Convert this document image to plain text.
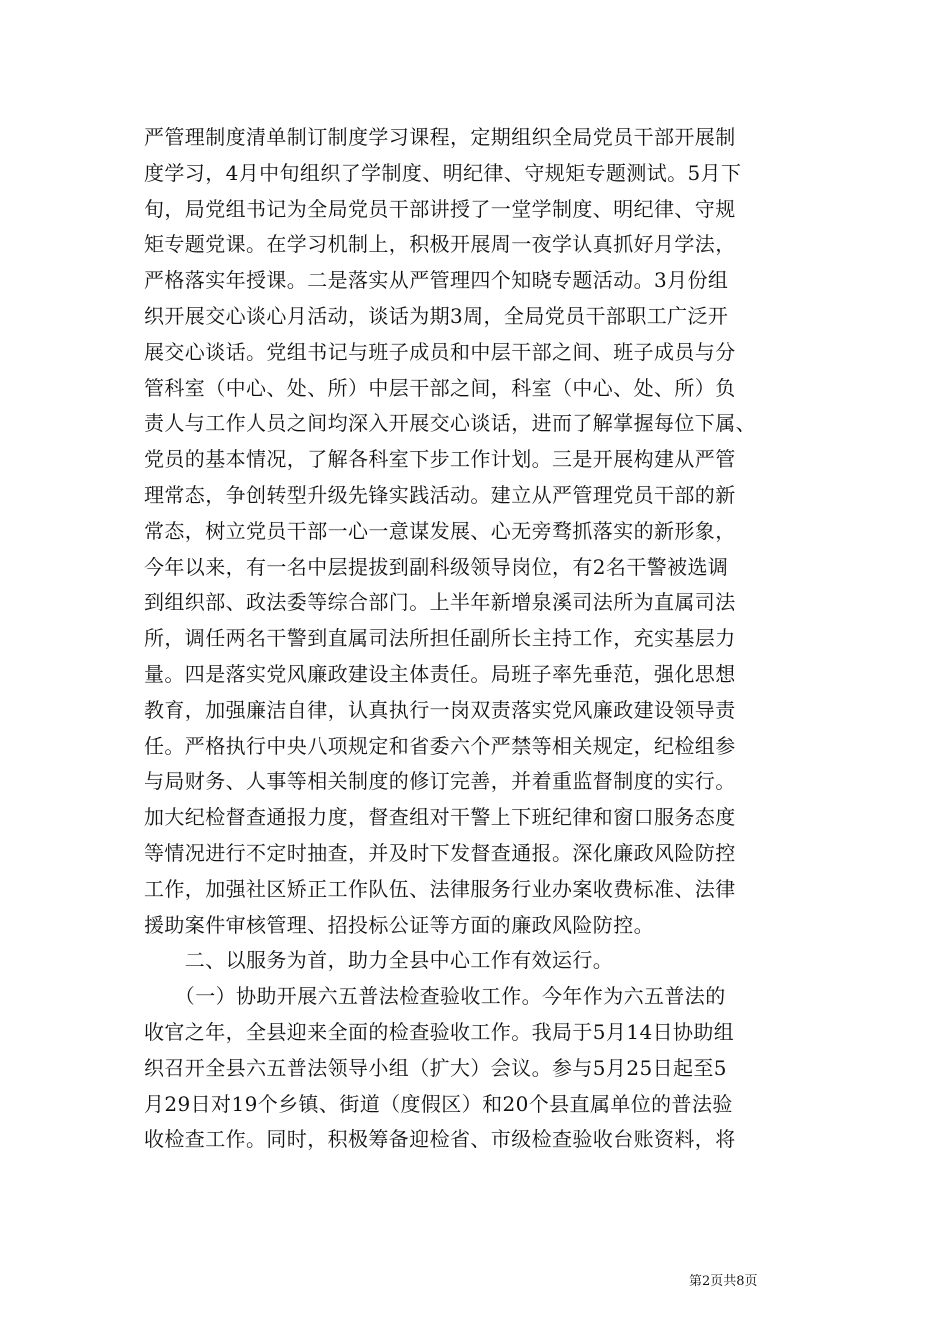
严管理制度清单制订制度学习课程，定期组织全局党员干部开展制
度学习，4月中旬组织了学制度、明纪律、守规矩专题测试。5月下
旬，局党组书记为全局党员干部讲授了一堂学制度、明纪律、守规
矩专题党课。在学习机制上，积极开展周一夜学认真抓好月学法，
严格落实年授课。二是落实从严管理四个知晓专题活动。3月份组
织开展交心谈心月活动，谈话为期3周，全局党员干部职工广泛开
展交心谈话。党组书记与班子成员和中层干部之间、班子成员与分
管科室（中心、处、所）中层干部之间，科室（中心、处、所）负
责人与工作人员之间均深入开展交心谈话，进而了解掌握每位下属、
党员的基本情况，了解各科室下步工作计划。三是开展构建从严管
理常态，争创转型升级先锋实践活动。建立从严管理党员干部的新
常态，树立党员干部一心一意谋发展、心无旁骛抓落实的新形象，
今年以来，有一名中层提拔到副科级领导岗位，有2名干警被选调
到组织部、政法委等综合部门。上半年新增泉溪司法所为直属司法
所，调任两名干警到直属司法所担任副所长主持工作，充实基层力
量。四是落实党风廉政建设主体责任。局班子率先垂范，强化思想
教育，加强廉洁自律，认真执行一岗双责落实党风廉政建设领导责
任。严格执行中央八项规定和省委六个严禁等相关规定，纪检组参
与局财务、人事等相关制度的修订完善，并着重监督制度的实行。
加大纪检督查通报力度，督查组对干警上下班纪律和窗口服务态度
等情况进行不定时抽查，并及时下发督查通报。深化廉政风险防控
工作，加强社区矫正工作队伍、法律服务行业办案收费标准、法律
援助案件审核管理、招投标公证等方面的廉政风险防控。
　　二、以服务为首，助力全县中心工作有效运行。
　　（一）协助开展六五普法检查验收工作。今年作为六五普法的
收官之年，全县迎来全面的检查验收工作。我局于5月14日协助组
织召开全县六五普法领导小组（扩大）会议。参与5月25日起至5
月29日对19个乡镇、街道（度假区）和20个县直属单位的普法验
收检查工作。同时，积极筹备迎检省、市级检查验收台账资料，将
第2页共8页
